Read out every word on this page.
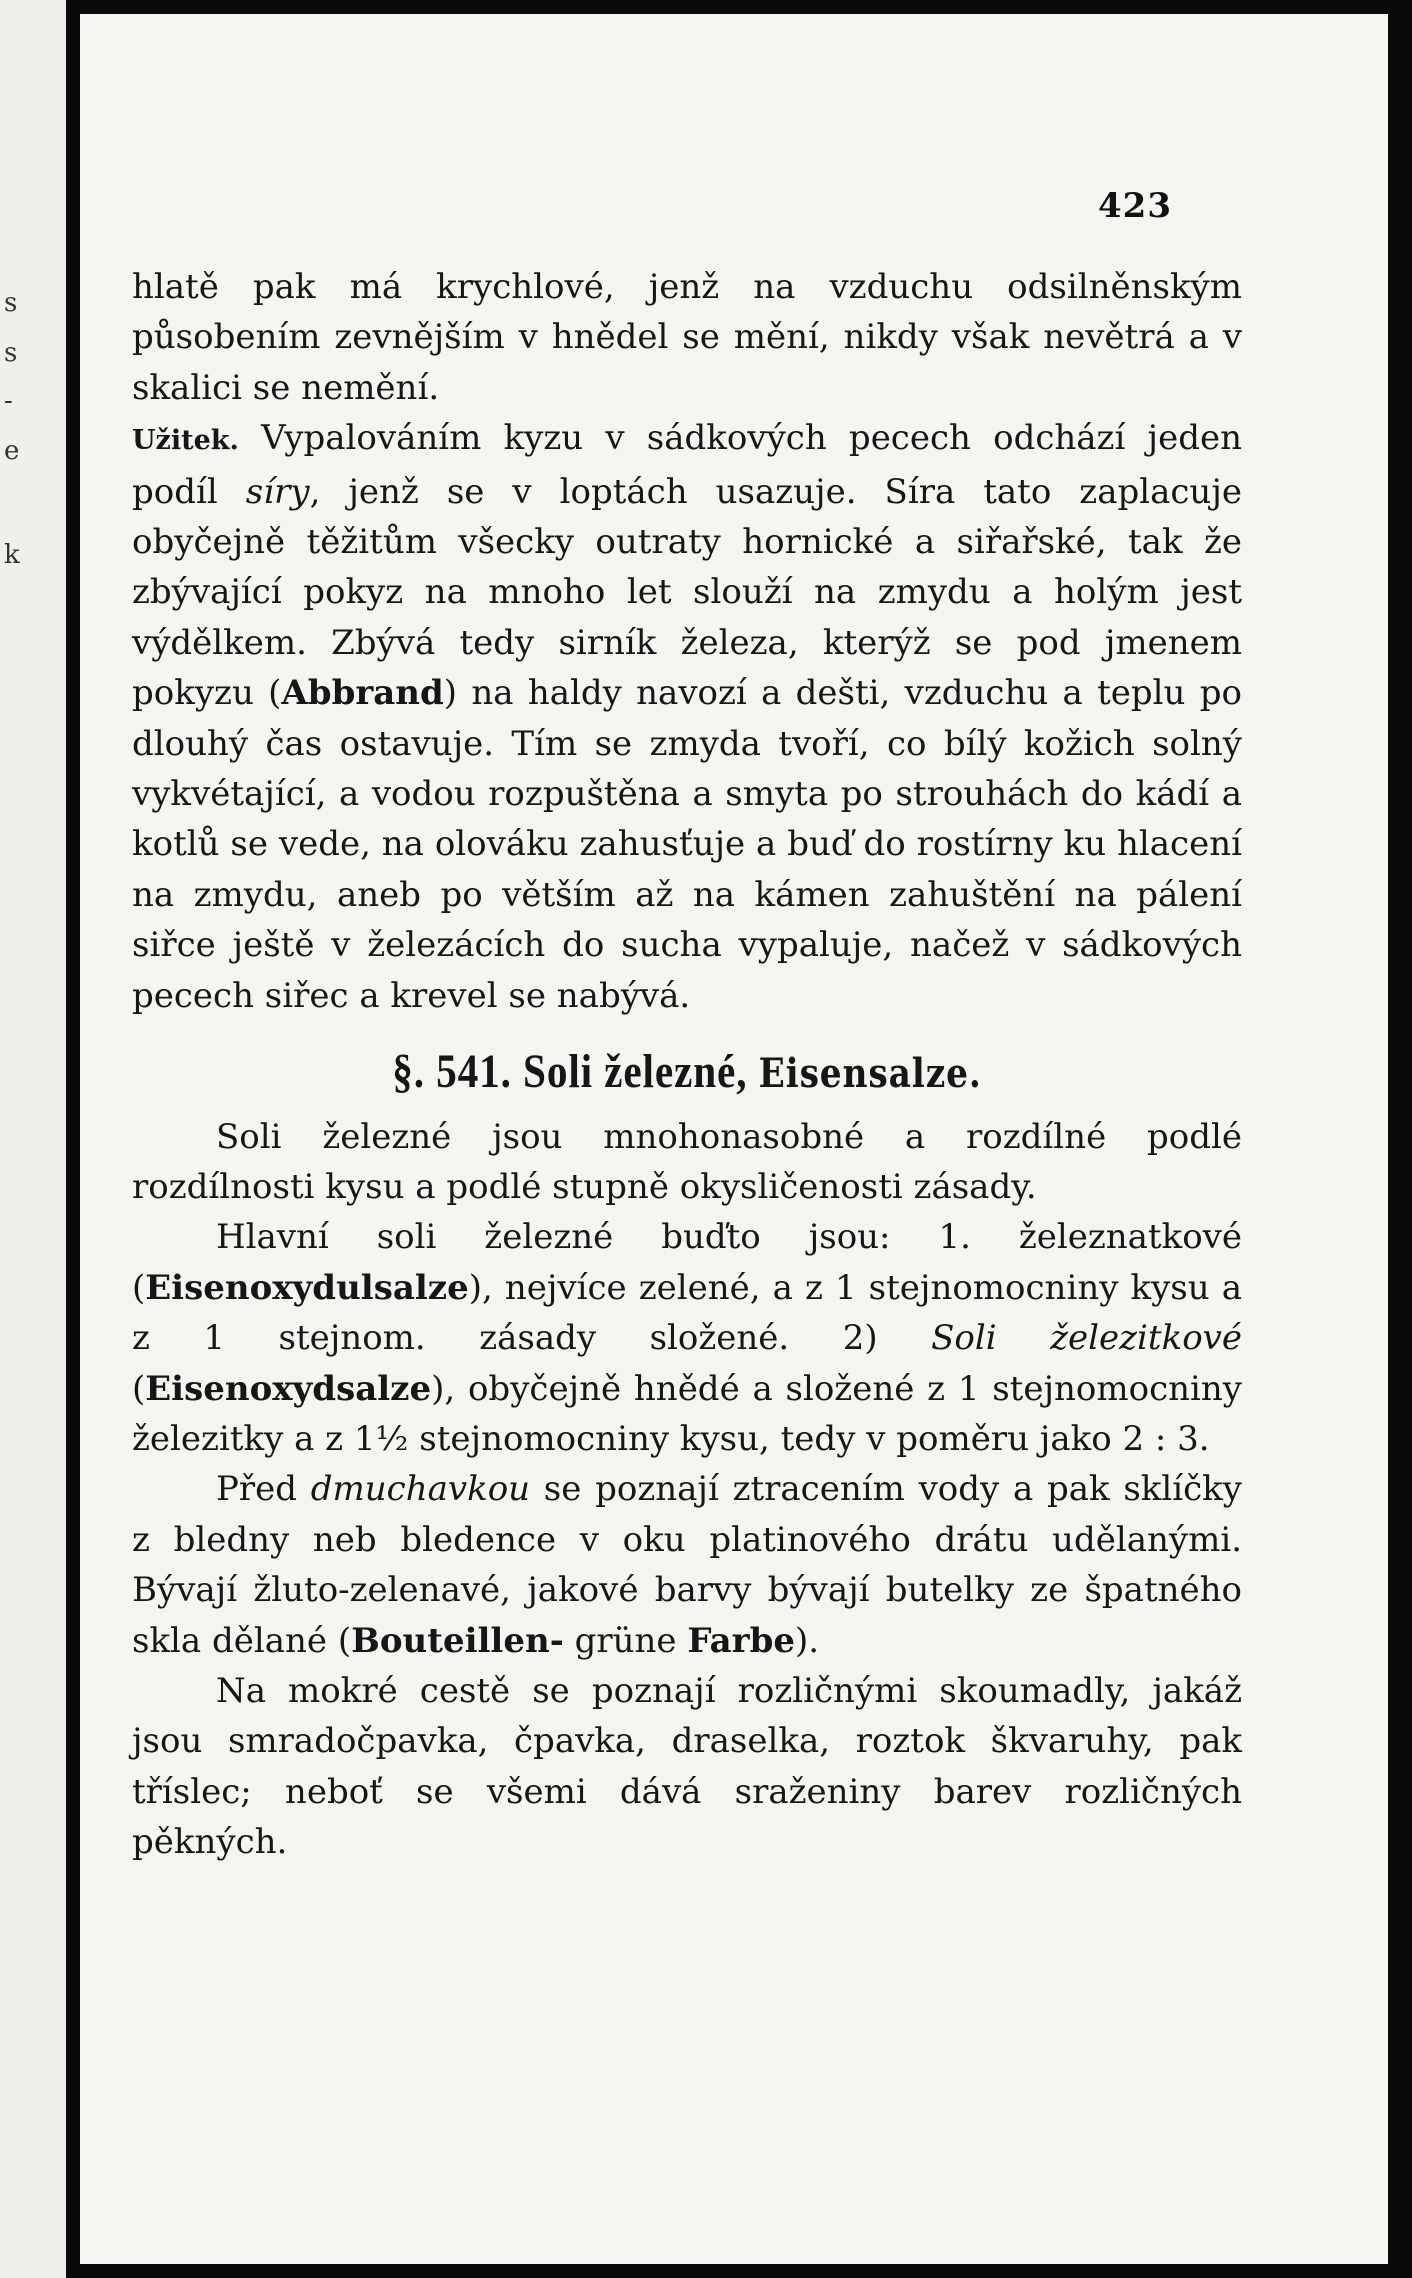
s
s
-
e
k
423

hlatě pak má krychlové, jenž na vzduchu odsilněnským působením zevnějším v hnědel se mění, nikdy však nevětrá a v skalici se nemění.

Užitek. Vypalováním kyzu v sádkových pecech odchází jeden podíl síry, jenž se v loptách usazuje. Síra tato zaplacuje obyčejně těžitům všecky outraty hornické a siřařské, tak že zbývající pokyz na mnoho let slouží na zmydu a holým jest výdělkem. Zbývá tedy sirník železa, kterýž se pod jmenem pokyzu (Abbrand) na haldy navozí a dešti, vzduchu a teplu po dlouhý čas ostavuje. Tím se zmyda tvoří, co bílý kožich solný vykvétající, a vodou rozpuštěna a smyta po strouhách do kádí a kotlů se vede, na olováku zahusťuje a buď do rostírny ku hlacení na zmydu, aneb po větším až na kámen zahuštění na pálení siřce ještě v železácích do sucha vypaluje, načež v sádkových pecech siřec a krevel se nabývá.

§. 541. Soli železné, Eisensalze.

Soli železné jsou mnohonasobné a rozdílné podlé rozdílnosti kysu a podlé stupně okysličenosti zásady.

Hlavní soli železné buďto jsou: 1. železnatkové (Eisenoxydulsalze), nejvíce zelené, a z 1 stejnomocniny kysu a z 1 stejnom. zásady složené. 2) Soli železitkové (Eisenoxydsalze), obyčejně hnědé a složené z 1 stejnomocniny železitky a z 1½ stejnomocniny kysu, tedy v poměru jako 2 : 3.

Před dmuchavkou se poznají ztracením vody a pak sklíčky z bledny neb bledence v oku platinového drátu udělanými. Bývají žluto-zelenavé, jakové barvy bývají butelky ze špatného skla dělané (Bouteillen- grüne Farbe).

Na mokré cestě se poznají rozličnými skoumadly, jakáž jsou smradočpavka, čpavka, draselka, roztok škvaruhy, pak tříslec; neboť se všemi dává sraženiny barev rozličných pěkných.
